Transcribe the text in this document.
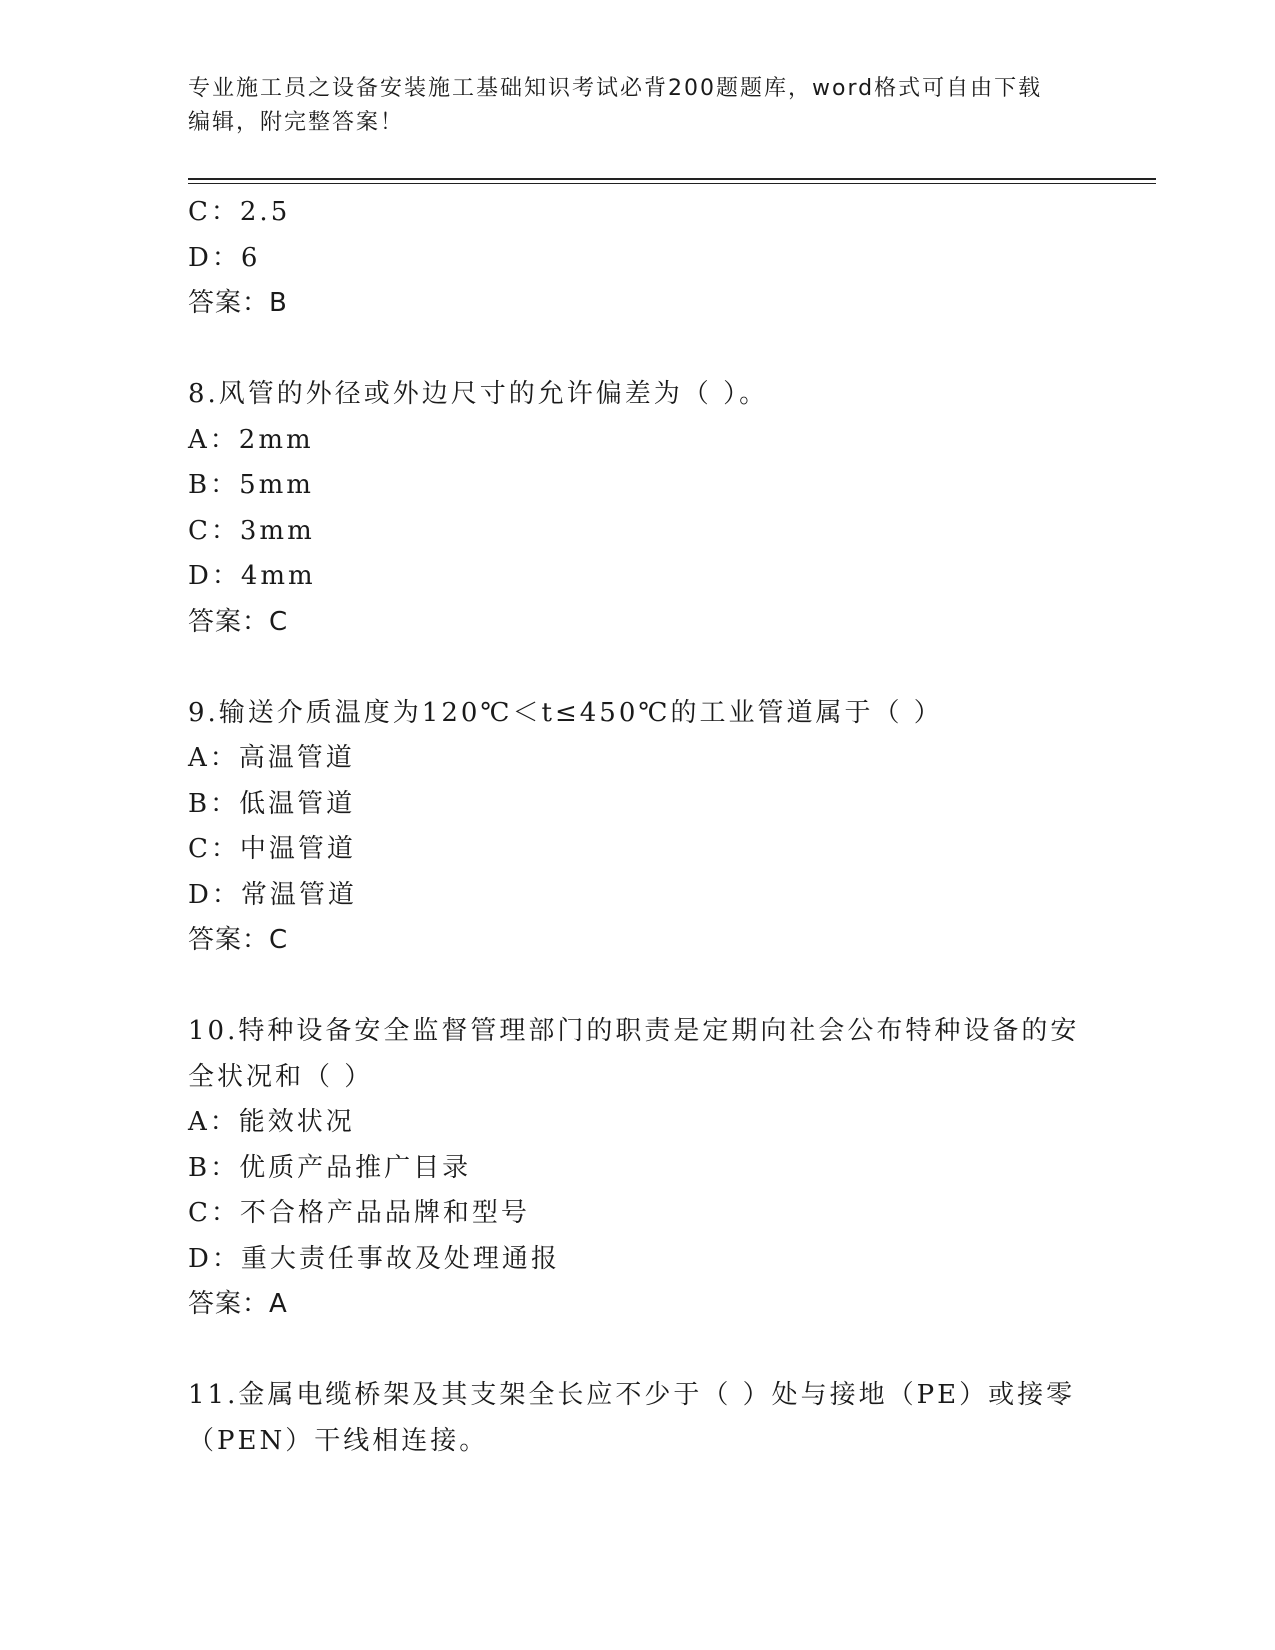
专业施工员之设备安装施工基础知识考试必背200题题库，word格式可自由下载
编辑，附完整答案！
C：2.5
D：6
答案：B
8.风管的外径或外边尺寸的允许偏差为（ ）。
A：2mm
B：5mm
C：3mm
D：4mm
答案：C
9.输送介质温度为120℃＜t≤450℃的工业管道属于（ ）
A：高温管道
B：低温管道
C：中温管道
D：常温管道
答案：C
10.特种设备安全监督管理部门的职责是定期向社会公布特种设备的安
全状况和（ ）
A：能效状况
B：优质产品推广目录
C：不合格产品品牌和型号
D：重大责任事故及处理通报
答案：A
11.金属电缆桥架及其支架全长应不少于（ ）处与接地（PE）或接零
（PEN）干线相连接。
